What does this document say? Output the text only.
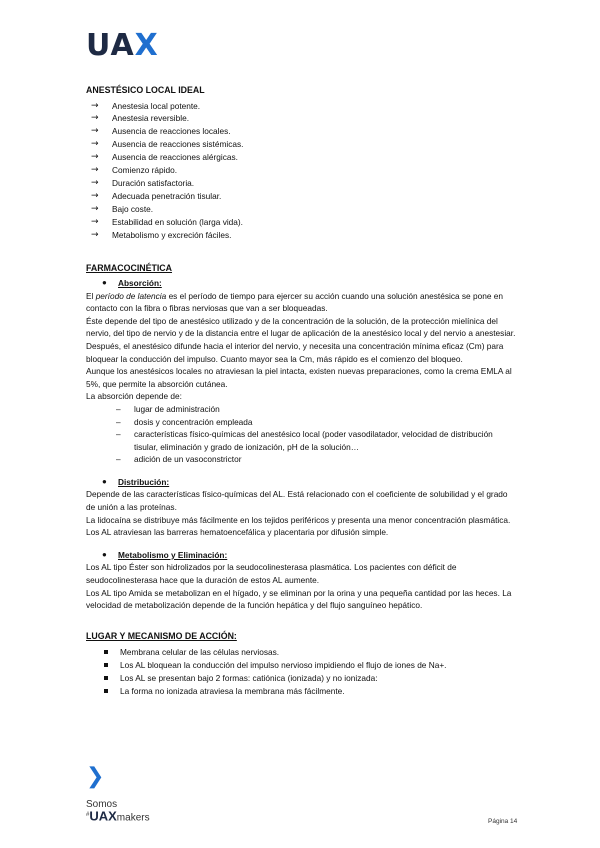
UAX

ANESTÉSICO LOCAL IDEAL

→ Anestesia local potente.
→ Anestesia reversible.
→ Ausencia de reacciones locales.
→ Ausencia de reacciones sistémicas.
→ Ausencia de reacciones alérgicas.
→ Comienzo rápido.
→ Duración satisfactoria.
→ Adecuada penetración tisular.
→ Bajo coste.
→ Estabilidad en solución (larga vida).
→ Metabolismo y excreción fáciles.

FARMACOCINÉTICA

● Absorción:

El período de latencia es el período de tiempo para ejercer su acción cuando una solución anestésica se pone en contacto con la fibra o fibras nerviosas que van a ser bloqueadas.

Éste depende del tipo de anestésico utilizado y de la concentración de la solución, de la protección mielínica del nervio, del tipo de nervio y de la distancia entre el lugar de aplicación de la anestésico local y del nervio a anestesiar. Después, el anestésico difunde hacia el interior del nervio, y necesita una concentración mínima eficaz (Cm) para bloquear la conducción del impulso. Cuanto mayor sea la Cm, más rápido es el comienzo del bloqueo.

Aunque los anestésicos locales no atraviesan la piel intacta, existen nuevas preparaciones, como la crema EMLA al 5%, que permite la absorción cutánea.

La absorción depende de:

– lugar de administración
– dosis y concentración empleada
– características físico-químicas del anestésico local (poder vasodilatador, velocidad de distribución tisular, eliminación y grado de ionización, pH de la solución…
– adición de un vasoconstrictor
● Distribución:

Depende de las características físico-químicas del AL. Está relacionado con el coeficiente de solubilidad y el grado de unión a las proteínas.

La lidocaína se distribuye más fácilmente en los tejidos periféricos y presenta una menor concentración plasmática. Los AL atraviesan las barreras hematoencefálica y placentaria por difusión simple.

● Metabolismo y Eliminación:

Los AL tipo Éster son hidrolizados por la seudocolinesterasa plasmática. Los pacientes con déficit de seudocolinesterasa hace que la duración de estos AL aumente.

Los AL tipo Amida se metabolizan en el hígado, y se eliminan por la orina y una pequeña cantidad por las heces. La velocidad de metabolización depende de la función hepática y del flujo sanguíneo hepático.

LUGAR Y MECANISMO DE ACCIÓN:

Membrana celular de las células nerviosas.
Los AL bloquean la conducción del impulso nervioso impidiendo el flujo de iones de Na+.
Los AL se presentan bajo 2 formas: catiónica (ionizada) y no ionizada:
La forma no ionizada atraviesa la membrana más fácilmente.
❯
Somos
#UAXmakers	Página 14
